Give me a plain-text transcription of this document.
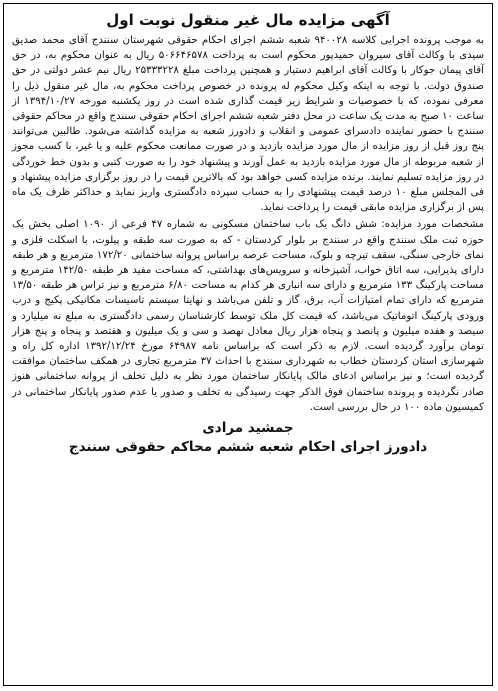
آگهی مزایده مال غیر منقول نوبت اول

به موجب پرونده اجرایی کلاسه ۹۴۰۰۲۸ شعبه ششم اجرای احکام حقوقی شهرستان سنندج آقای محمد صدیق سیدی با وکالت آقای سیروان حمیدپور محکوم است به پرداخت ۵۰۶۶۴۶۵۷۸ ریال به عنوان محکوم به، در حق آقای پیمان جوکار با وکالت آقای ابراهیم دستیار و همچنین پرداخت مبلغ ۲۵۳۳۳۲۲۸ ریال نیم عشر دولتی در حق صندوق دولت. با توجه به اینکه وکیل محکوم له پرونده در خصوص پرداخت محکوم به، مال غیر منقول ذیل را معرفی نموده، که با خصوصیات و شرایط زیر قیمت گذاری شده است در روز یکشنبه مورخه ۱۳۹۴/۱۰/۲۷ از ساعت ۱۰ صبح به مدت یک ساعت در محل دفتر شعبه ششم اجرای احکام حقوقی سنندج واقع در محاکم حقوقی سنندج با حضور نماینده دادسرای عمومی و انقلاب و دادورز شعبه به مزایده گذاشته می‌شود. طالبین می‌توانند پنج روز قبل از روز مزایده از مال مورد مزایده بازدید و در صورت ممانعت محکوم علیه و یا غیر، با کسب مجوز از شعبه مربوطه از مال مورد مزایده بازدید به عمل آورند و پیشنهاد خود را به صورت کتبی و بدون خط خوردگی در روز مزایده تسلیم نمایند. برنده مزایده کسی خواهد بود که بالاترین قیمت را در روز برگزاری مزایده پیشنهاد و فی المجلس مبلغ ۱۰ درصد قیمت پیشنهادی را به حساب سپرده دادگستری واریز نماید و حداکثر ظرف یک ماه پس از برگزاری مزایده مابقی قیمت را پرداخت نماید.

مشخصات مورد مزایده: شش دانگ یک باب ساختمان مسکونی به شماره ۴۷ فرعی از ۱۰۹۰ اصلی بخش یک حوزه ثبت ملک سنندج واقع در سنندج بر بلوار کردستان - که به صورت سه طبقه و پیلوت، با اسکلت فلزی و نمای خارجی سنگی، سقف تیرچه و بلوک، مساحت عرصه براساس پروانه ساختمانی ۱۷۲/۲۰ مترمربع و هر طبقه دارای پذیرایی، سه اتاق خواب، آشپزخانه و سرویس‌های بهداشتی، که مساحت مفید هر طبقه ۱۴۲/۵۰ مترمربع و مساحت پارکینگ ۱۳۳ مترمربع و دارای سه انباری هر کدام به مساحت ۶/۸۰ مترمربع و نیز تراس هر طبقه ۱۳/۵۰ مترمربع که دارای تمام امتیازات آب، برق، گاز و تلفن می‌باشد و نهایتا سیستم تاسیسات مکانیکی پکیج و درب ورودی پارکینگ اتوماتیک می‌باشد، که قیمت کل ملک توسط کارشناسان رسمی دادگستری به مبلغ نه میلیارد و سیصد و هفده میلیون و پانصد و پنجاه هزار ریال معادل نهصد و سی و یک میلیون و هفتصد و پنجاه و پنج هزار تومان برآورد گردیده است. لازم به ذکر است که براساس نامه ۶۴۹۸۷ مورخ ۱۳۹۲/۱۲/۲۴ اداره کل راه و شهرسازی استان کردستان خطاب به شهرداری سنندج با احداث ۳۷ مترمربع تجاری در همکف ساختمان موافقت گردیده است؛ و نیز براساس ادعای مالک پایانکار ساختمان مورد نظر به دلیل تخلف از پروانه ساختمانی هنوز صادر نگردیده و پرونده ساختمان فوق الذکر جهت رسیدگی به تخلف و صدور یا عدم صدور پایانکار ساختمانی در کمیسیون ماده ۱۰۰ در حال بررسی است.

جمشید مرادی
دادورز اجرای احکام شعبه ششم محاکم حقوقی سنندج
